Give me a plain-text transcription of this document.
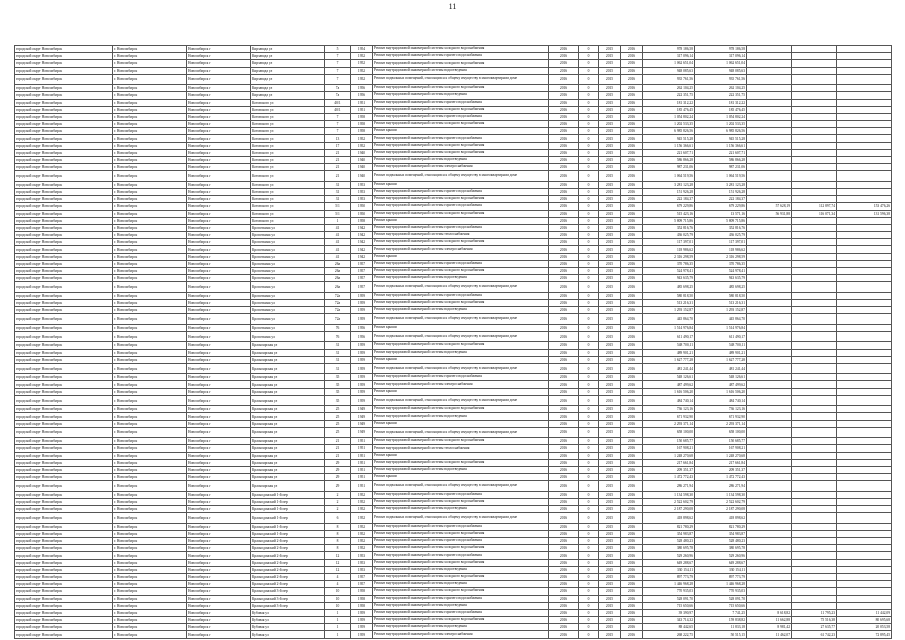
11
городской округ Новосибирск	г. Новосибирск	Новосибирск г	Кирзавода ул	5	1954	Ремонт внутридомовой инженерной системы холодного водоснабжения	2016	0	2015	2016	978 186,58	978 186,58			
городской округ Новосибирск	г. Новосибирск	Новосибирск г	Кирзавода ул	7	1952	Ремонт внутридомовой инженерной системы горячего водоснабжения	2016	0	2015	2016	317 096,14	317 096,14			
городской округ Новосибирск	г. Новосибирск	Новосибирск г	Кирзавода ул	7	1952	Ремонт внутридомовой инженерной системы холодного водоснабжения	2016	0	2015	2016	1 062 651,04	1 062 651,04			
городской округ Новосибирск	г. Новосибирск	Новосибирск г	Кирзавода ул	7	1952	Ремонт внутридомовой инженерной системы водоотведения	2016	0	2015	2016	948 085,63	948 085,63			
городской округ Новосибирск	г. Новосибирск	Новосибирск г	Кирзавода ул	7	1952	Ремонт подвальных помещений, относящихся к общему имуществу в многоквартирном доме	2016	0	2015	2016	935 761,56	935 761,56			
городской округ Новосибирск	г. Новосибирск	Новосибирск г	Кирзавода ул	7а	1956	Ремонт внутридомовой инженерной системы холодного водоснабжения	2016	0	2015	2016	262 104,25	262 104,25			
городской округ Новосибирск	г. Новосибирск	Новосибирск г	Кирзавода ул	7а	1956	Ремонт внутридомовой инженерной системы водоотведения	2016	0	2015	2016	222 351,75	222 351,75			
городской округ Новосибирск	г. Новосибирск	Новосибирск г	Котовского ул	40/1	1951	Ремонт внутридомовой инженерной системы горячего водоснабжения	2016	0	2015	2016	181 312,22	181 312,22			
городской округ Новосибирск	г. Новосибирск	Новосибирск г	Котовского ул	40/1	1951	Ремонт внутридомовой инженерной системы холодного водоснабжения	2016	0	2015	2016	185 476,45	185 476,45			
городской округ Новосибирск	г. Новосибирск	Новосибирск г	Котовского ул	7	1958	Ремонт внутридомовой инженерной системы горячего водоснабжения	2016	0	2015	2016	1 054 802,24	1 054 802,24			
городской округ Новосибирск	г. Новосибирск	Новосибирск г	Котовского ул	7	1958	Ремонт внутридомовой инженерной системы холодного водоснабжения	2016	0	2015	2016	1 202 533,35	1 202 533,35			
городской округ Новосибирск	г. Новосибирск	Новосибирск г	Котовского ул	7	1958	Ремонт крыши	2016	0	2015	2016	6 985 826,56	6 985 826,56			
городской округ Новосибирск	г. Новосибирск	Новосибирск г	Котовского ул	13	1952	Ремонт внутридомовой инженерной системы горячего водоснабжения	2016	0	2015	2016	945 515,28	945 515,28			
городской округ Новосибирск	г. Новосибирск	Новосибирск г	Котовского ул	17	1952	Ремонт внутридомовой инженерной системы холодного водоснабжения	2016	0	2015	2016	1 156 366,61	1 156 366,61			
городской округ Новосибирск	г. Новосибирск	Новосибирск г	Котовского ул	21	1940	Ремонт внутридомовой инженерной системы холодного водоснабжения	2016	0	2015	2016	221 607,71	221 607,71			
городской округ Новосибирск	г. Новосибирск	Новосибирск г	Котовского ул	21	1940	Ремонт внутридомовой инженерной системы водоотведения	2016	0	2015	2016	586 866,28	586 866,28			
городской округ Новосибирск	г. Новосибирск	Новосибирск г	Котовского ул	21	1940	Ремонт внутридомовой инженерной системы электроснабжения	2016	0	2015	2016	987 231,06	987 231,06			
городской округ Новосибирск	г. Новосибирск	Новосибирск г	Котовского ул	21	1940	Ремонт подвальных помещений, относящихся к общему имуществу в многоквартирном доме	2016	0	2015	2016	1 064 519,56	1 064 519,56			
городской округ Новосибирск	г. Новосибирск	Новосибирск г	Котовского ул	31	1953	Ремонт крыши	2016	0	2015	2016	3 281 123,28	3 281 123,28			
городской округ Новосибирск	г. Новосибирск	Новосибирск г	Котовского ул	31	1953	Ремонт внутридомовой инженерной системы горячего водоснабжения	2016	0	2015	2016	151 926,28	151 926,28			
городской округ Новосибирск	г. Новосибирск	Новосибирск г	Котовского ул	31	1953	Ремонт внутридомовой инженерной системы холодного водоснабжения	2016	0	2015	2016	222 184,37	222 184,37			
городской округ Новосибирск	г. Новосибирск	Новосибирск г	Котовского ул	5/1	1950	Ремонт внутридомовой инженерной системы горячего водоснабжения	2016	0	2015	2016	679 229,86	679 229,86	57 628,19	112 897,74	153 476,26
городской округ Новосибирск	г. Новосибирск	Новосибирск г	Котовского ул	5/1	1950	Ремонт внутридомовой инженерной системы холодного водоснабжения	2016	0	2015	2016	515 423,16	13 571,16	56 931,88	116 071,34	131 596,38
городской округ Новосибирск	г. Новосибирск	Новосибирск г	Котовского ул	1	1958	Ремонт крыши	2016	0	2015	2016	5 809 715,86	5 809 715,86			
городской округ Новосибирск	г. Новосибирск	Новосибирск г	Кропоткина ул	41	1942	Ремонт внутридомовой инженерной системы горячего водоснабжения	2016	0	2015	2016	352 816,76	352 816,76			
городской округ Новосибирск	г. Новосибирск	Новосибирск г	Кропоткина ул	41	1942	Ремонт внутридомовой инженерной системы теплоснабжения	2016	0	2015	2016	436 025,79	436 025,79			
городской округ Новосибирск	г. Новосибирск	Новосибирск г	Кропоткина ул	41	1942	Ремонт внутридомовой инженерной системы холодного водоснабжения	2016	0	2015	2016	117 397,01	117 397,01			
городской округ Новосибирск	г. Новосибирск	Новосибирск г	Кропоткина ул	41	1942	Ремонт внутридомовой инженерной системы электроснабжения	2016	0	2015	2016	118 986,62	118 986,62			
городской округ Новосибирск	г. Новосибирск	Новосибирск г	Кропоткина ул	41	1942	Ремонт крыши	2016	0	2015	2016	2 316 298,59	2 316 298,59			
городской округ Новосибирск	г. Новосибирск	Новосибирск г	Кропоткина ул	26а	1957	Ремонт внутридомовой инженерной системы горячего водоснабжения	2016	0	2015	2016	370 786,35	370 786,35			
городской округ Новосибирск	г. Новосибирск	Новосибирск г	Кропоткина ул	26а	1957	Ремонт внутридомовой инженерной системы холодного водоснабжения	2016	0	2015	2016	524 978,41	524 978,41			
городской округ Новосибирск	г. Новосибирск	Новосибирск г	Кропоткина ул	26а	1957	Ремонт внутридомовой инженерной системы водоотведения	2016	0	2015	2016	943 635,79	943 635,79			
городской округ Новосибирск	г. Новосибирск	Новосибирск г	Кропоткина ул	26а	1957	Ремонт подвальных помещений, относящихся к общему имуществу в многоквартирном доме	2016	0	2015	2016	485 698,25	485 698,25			
городской округ Новосибирск	г. Новосибирск	Новосибирск г	Кропоткина ул	72а	1959	Ремонт внутридомовой инженерной системы горячего водоснабжения	2016	0	2015	2016	580 818,50	580 818,50			
городской округ Новосибирск	г. Новосибирск	Новосибирск г	Кропоткина ул	72а	1959	Ремонт внутридомовой инженерной системы холодного водоснабжения	2016	0	2015	2016	513 216,31	513 216,31			
городской округ Новосибирск	г. Новосибирск	Новосибирск г	Кропоткина ул	72а	1959	Ремонт внутридомовой инженерной системы водоотведения	2016	0	2015	2016	1 293 152,87	1 293 152,87			
городской округ Новосибирск	г. Новосибирск	Новосибирск г	Кропоткина ул	72а	1959	Ремонт подвальных помещений, относящихся к общему имуществу в многоквартирном доме	2016	0	2015	2016	445 864,70	445 864,70			
городской округ Новосибирск	г. Новосибирск	Новосибирск г	Кропоткина ул	76	1956	Ремонт крыши	2016	0	2015	2016	1 514 976,84	1 514 976,84			
городской округ Новосибирск	г. Новосибирск	Новосибирск г	Кропоткина ул	76	1956	Ремонт подвальных помещений, относящихся к общему имуществу в многоквартирном доме	2016	0	2015	2016	611 490,17	611 490,17			
городской округ Новосибирск	г. Новосибирск	Новосибирск г	Красноярская ул	31	1959	Ремонт внутридомовой инженерной системы холодного водоснабжения	2016	0	2015	2016	548 700,11	548 700,11			
городской округ Новосибирск	г. Новосибирск	Новосибирск г	Красноярская ул	31	1959	Ремонт внутридомовой инженерной системы водоотведения	2016	0	2015	2016	489 901,21	489 901,21			
городской округ Новосибирск	г. Новосибирск	Новосибирск г	Красноярская ул	31	1959	Ремонт крыши	2016	0	2015	2016	1 627 777,28	1 627 777,28			
городской округ Новосибирск	г. Новосибирск	Новосибирск г	Красноярская ул	31	1959	Ремонт подвальных помещений, относящихся к общему имуществу в многоквартирном доме	2016	0	2015	2016	481 241,44	481 241,44			
городской округ Новосибирск	г. Новосибирск	Новосибирск г	Красноярская ул	35	1959	Ремонт внутридомовой инженерной системы горячего водоснабжения	2016	0	2015	2016	548 126,61	548 126,61			
городской округ Новосибирск	г. Новосибирск	Новосибирск г	Красноярская ул	35	1959	Ремонт внутридомовой инженерной системы электроснабжения	2016	0	2015	2016	487 499,62	487 499,62			
городской округ Новосибирск	г. Новосибирск	Новосибирск г	Красноярская ул	35	1959	Ремонт крыши	2016	0	2015	2016	1 616 506,20	1 616 506,20			
городской округ Новосибирск	г. Новосибирск	Новосибирск г	Красноярская ул	35	1959	Ремонт подвальных помещений, относящихся к общему имуществу в многоквартирном доме	2016	0	2015	2016	484 740,14	484 740,14			
городской округ Новосибирск	г. Новосибирск	Новосибирск г	Красноярская ул	25	1949	Ремонт внутридомовой инженерной системы холодного водоснабжения	2016	0	2015	2016	736 123,16	736 123,16			
городской округ Новосибирск	г. Новосибирск	Новосибирск г	Красноярская ул	25	1949	Ремонт внутридомовой инженерной системы водоотведения	2016	0	2015	2016	671 932,90	671 932,90			
городской округ Новосибирск	г. Новосибирск	Новосибирск г	Красноярская ул	25	1949	Ремонт крыши	2016	0	2015	2016	2 293 371,14	2 293 371,14			
городской округ Новосибирск	г. Новосибирск	Новосибирск г	Красноярская ул	25	1949	Ремонт подвальных помещений, относящихся к общему имуществу в многоквартирном доме	2016	0	2015	2016	658 100,00	658 100,00			
городской округ Новосибирск	г. Новосибирск	Новосибирск г	Красноярская ул	21	1951	Ремонт внутридомовой инженерной системы холодного водоснабжения	2016	0	2015	2016	150 685,77	150 685,77			
городской округ Новосибирск	г. Новосибирск	Новосибирск г	Красноярская ул	21	1951	Ремонт внутридомовой инженерной системы теплоснабжения	2016	0	2015	2016	167 908,21	167 908,21			
городской округ Новосибирск	г. Новосибирск	Новосибирск г	Красноярская ул	21	1951	Ремонт крыши	2016	0	2015	2016	1 248 270,68	1 248 270,68			
городской округ Новосибирск	г. Новосибирск	Новосибирск г	Красноярская ул	29	1951	Ремонт внутридомовой инженерной системы холодного водоснабжения	2016	0	2015	2016	217 661,84	217 661,84			
городской округ Новосибирск	г. Новосибирск	Новосибирск г	Красноярская ул	29	1951	Ремонт внутридомовой инженерной системы водоотведения	2016	0	2015	2016	209 351,37	209 351,37			
городской округ Новосибирск	г. Новосибирск	Новосибирск г	Красноярская ул	29	1951	Ремонт крыши	2016	0	2015	2016	1 472 772,43	1 472 772,43			
городской округ Новосибирск	г. Новосибирск	Новосибирск г	Красноярская ул	29	1951	Ремонт подвальных помещений, относящихся к общему имуществу в многоквартирном доме	2016	0	2015	2016	286 271,94	286 271,94			
городской округ Новосибирск	г. Новосибирск	Новосибирск г	Краснодонский 1-й пер	2	1952	Ремонт внутридомовой инженерной системы горячего водоснабжения	2016	0	2015	2016	1 134 598,30	1 134 598,30			
городской округ Новосибирск	г. Новосибирск	Новосибирск г	Краснодонский 1-й пер	2	1952	Ремонт внутридомовой инженерной системы холодного водоснабжения	2016	0	2015	2016	2 522 602,79	2 522 602,79			
городской округ Новосибирск	г. Новосибирск	Новосибирск г	Краснодонский 1-й пер	2	1952	Ремонт внутридомовой инженерной системы водоотведения	2016	0	2015	2016	2 187 290,08	2 187 290,08			
городской округ Новосибирск	г. Новосибирск	Новосибирск г	Краснодонский 1-й пер	6	1952	Ремонт подвальных помещений, относящихся к общему имуществу в многоквартирном доме	2016	0	2015	2016	418 898,62	418 898,62			
городской округ Новосибирск	г. Новосибирск	Новосибирск г	Краснодонский 1-й пер	8	1952	Ремонт внутридомовой инженерной системы горячего водоснабжения	2016	0	2015	2016	821 780,29	821 780,29			
городской округ Новосибирск	г. Новосибирск	Новосибирск г	Краснодонский 1-й пер	8	1952	Ремонт внутридомовой инженерной системы холодного водоснабжения	2016	0	2015	2016	354 983,87	354 983,87			
городской округ Новосибирск	г. Новосибирск	Новосибирск г	Краснодонский 2-й пер	8	1952	Ремонт внутридомовой инженерной системы горячего водоснабжения	2016	0	2015	2016	528 480,23	528 480,23			
городской округ Новосибирск	г. Новосибирск	Новосибирск г	Краснодонский 2-й пер	8	1952	Ремонт внутридомовой инженерной системы холодного водоснабжения	2016	0	2015	2016	380 695,78	380 695,78			
городской округ Новосибирск	г. Новосибирск	Новосибирск г	Краснодонский 2-й пер	12	1953	Ремонт внутридомовой инженерной системы горячего водоснабжения	2016	0	2015	2016	529 260,96	529 260,96			
городской округ Новосибирск	г. Новосибирск	Новосибирск г	Краснодонский 2-й пер	12	1953	Ремонт внутридомовой инженерной системы холодного водоснабжения	2016	0	2015	2016	649 288,67	649 288,67			
городской округ Новосибирск	г. Новосибирск	Новосибирск г	Краснодонский 2-й пер	12	1953	Ремонт внутридомовой инженерной системы водоотведения	2016	0	2015	2016	330 154,11	330 154,11			
городской округ Новосибирск	г. Новосибирск	Новосибирск г	Краснодонский 2-й пер	4	1957	Ремонт внутридомовой инженерной системы холодного водоснабжения	2016	0	2015	2016	897 773,79	897 773,79			
городской округ Новосибирск	г. Новосибирск	Новосибирск г	Краснодонский 2-й пер	4	1957	Ремонт внутридомовой инженерной системы водоотведения	2016	0	2015	2016	1 446 968,28	1 446 968,28			
городской округ Новосибирск	г. Новосибирск	Новосибирск г	Краснодонский 3-й пер	10	1958	Ремонт внутридомовой инженерной системы холодного водоснабжения	2016	0	2015	2016	770 935,03	770 935,03			
городской округ Новосибирск	г. Новосибирск	Новосибирск г	Краснодонский 3-й пер	10	1958	Ремонт внутридомовой инженерной системы горячего водоснабжения	2016	0	2015	2016	528 091,70	528 091,70			
городской округ Новосибирск	г. Новосибирск	Новосибирск г	Краснодонский 3-й пер	10	1958	Ремонт внутридомовой инженерной системы водоотведения	2016	0	2015	2016	715 650,66	715 650,66			
городской округ Новосибирск	г. Новосибирск	Новосибирск г	Кубовая ул	1	1959	Ремонт внутридомовой инженерной системы горячего водоснабжения	2016	0	2015	2016	39 390,97	7 741,25	8 618,82	11 795,23	11 442,09
городской округ Новосибирск	г. Новосибирск	Новосибирск г	Кубовая ул	1	1959	Ремонт внутридомовой инженерной системы холодного водоснабжения	2016	0	2015	2016	343 714,32	159 838,82	11 662,88	75 516,38	80 695,68
городской округ Новосибирск	г. Новосибирск	Новосибирск г	Кубовая ул	1	1959	Ремонт внутридомовой инженерной системы водоотведения	2016	0	2015	2016	88 442,65	11 833,18	8 981,42	27 635,77	20 053,58
городской округ Новосибирск	г. Новосибирск	Новосибирск г	Кубовая ул	1	1959	Ремонт внутридомовой инженерной системы электроснабжения	2016	0	2015	2016	268 222,75	50 515,15	11 462,07	61 742,23	72 895,45
